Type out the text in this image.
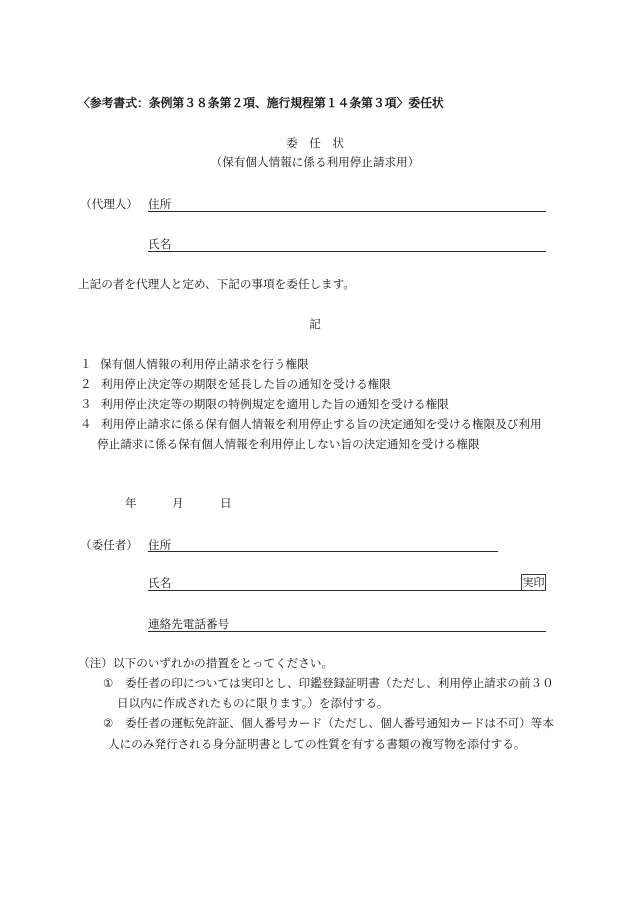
〈参考書式：条例第３８条第２項、施行規程第１４条第３項〉委任状
委　任　状
（保有個人情報に係る利用停止請求用）
（代理人） 住所
氏名
上記の者を代理人と定め、下記の事項を委任します。
記
１ 保有個人情報の利用停止請求を行う権限
２ 利用停止決定等の期限を延長した旨の通知を受ける権限
３ 利用停止決定等の期限の特例規定を適用した旨の通知を受ける権限
４ 利用停止請求に係る保有個人情報を利用停止する旨の決定通知を受ける権限及び利用
停止請求に係る保有個人情報を利用停止しない旨の決定通知を受ける権限
年	月	日
（委任者） 住所
氏名	実印
連絡先電話番号
（注） 以下のいずれかの措置をとってください。
① 委任者の印については実印とし、印鑑登録証明書（ただし、利用停止請求の前３０
日以内に作成されたものに限ります。）を添付する。
② 委任者の運転免許証、個人番号カード（ただし、個人番号通知カードは不可）等本
人にのみ発行される身分証明書としての性質を有する書類の複写物を添付する。
